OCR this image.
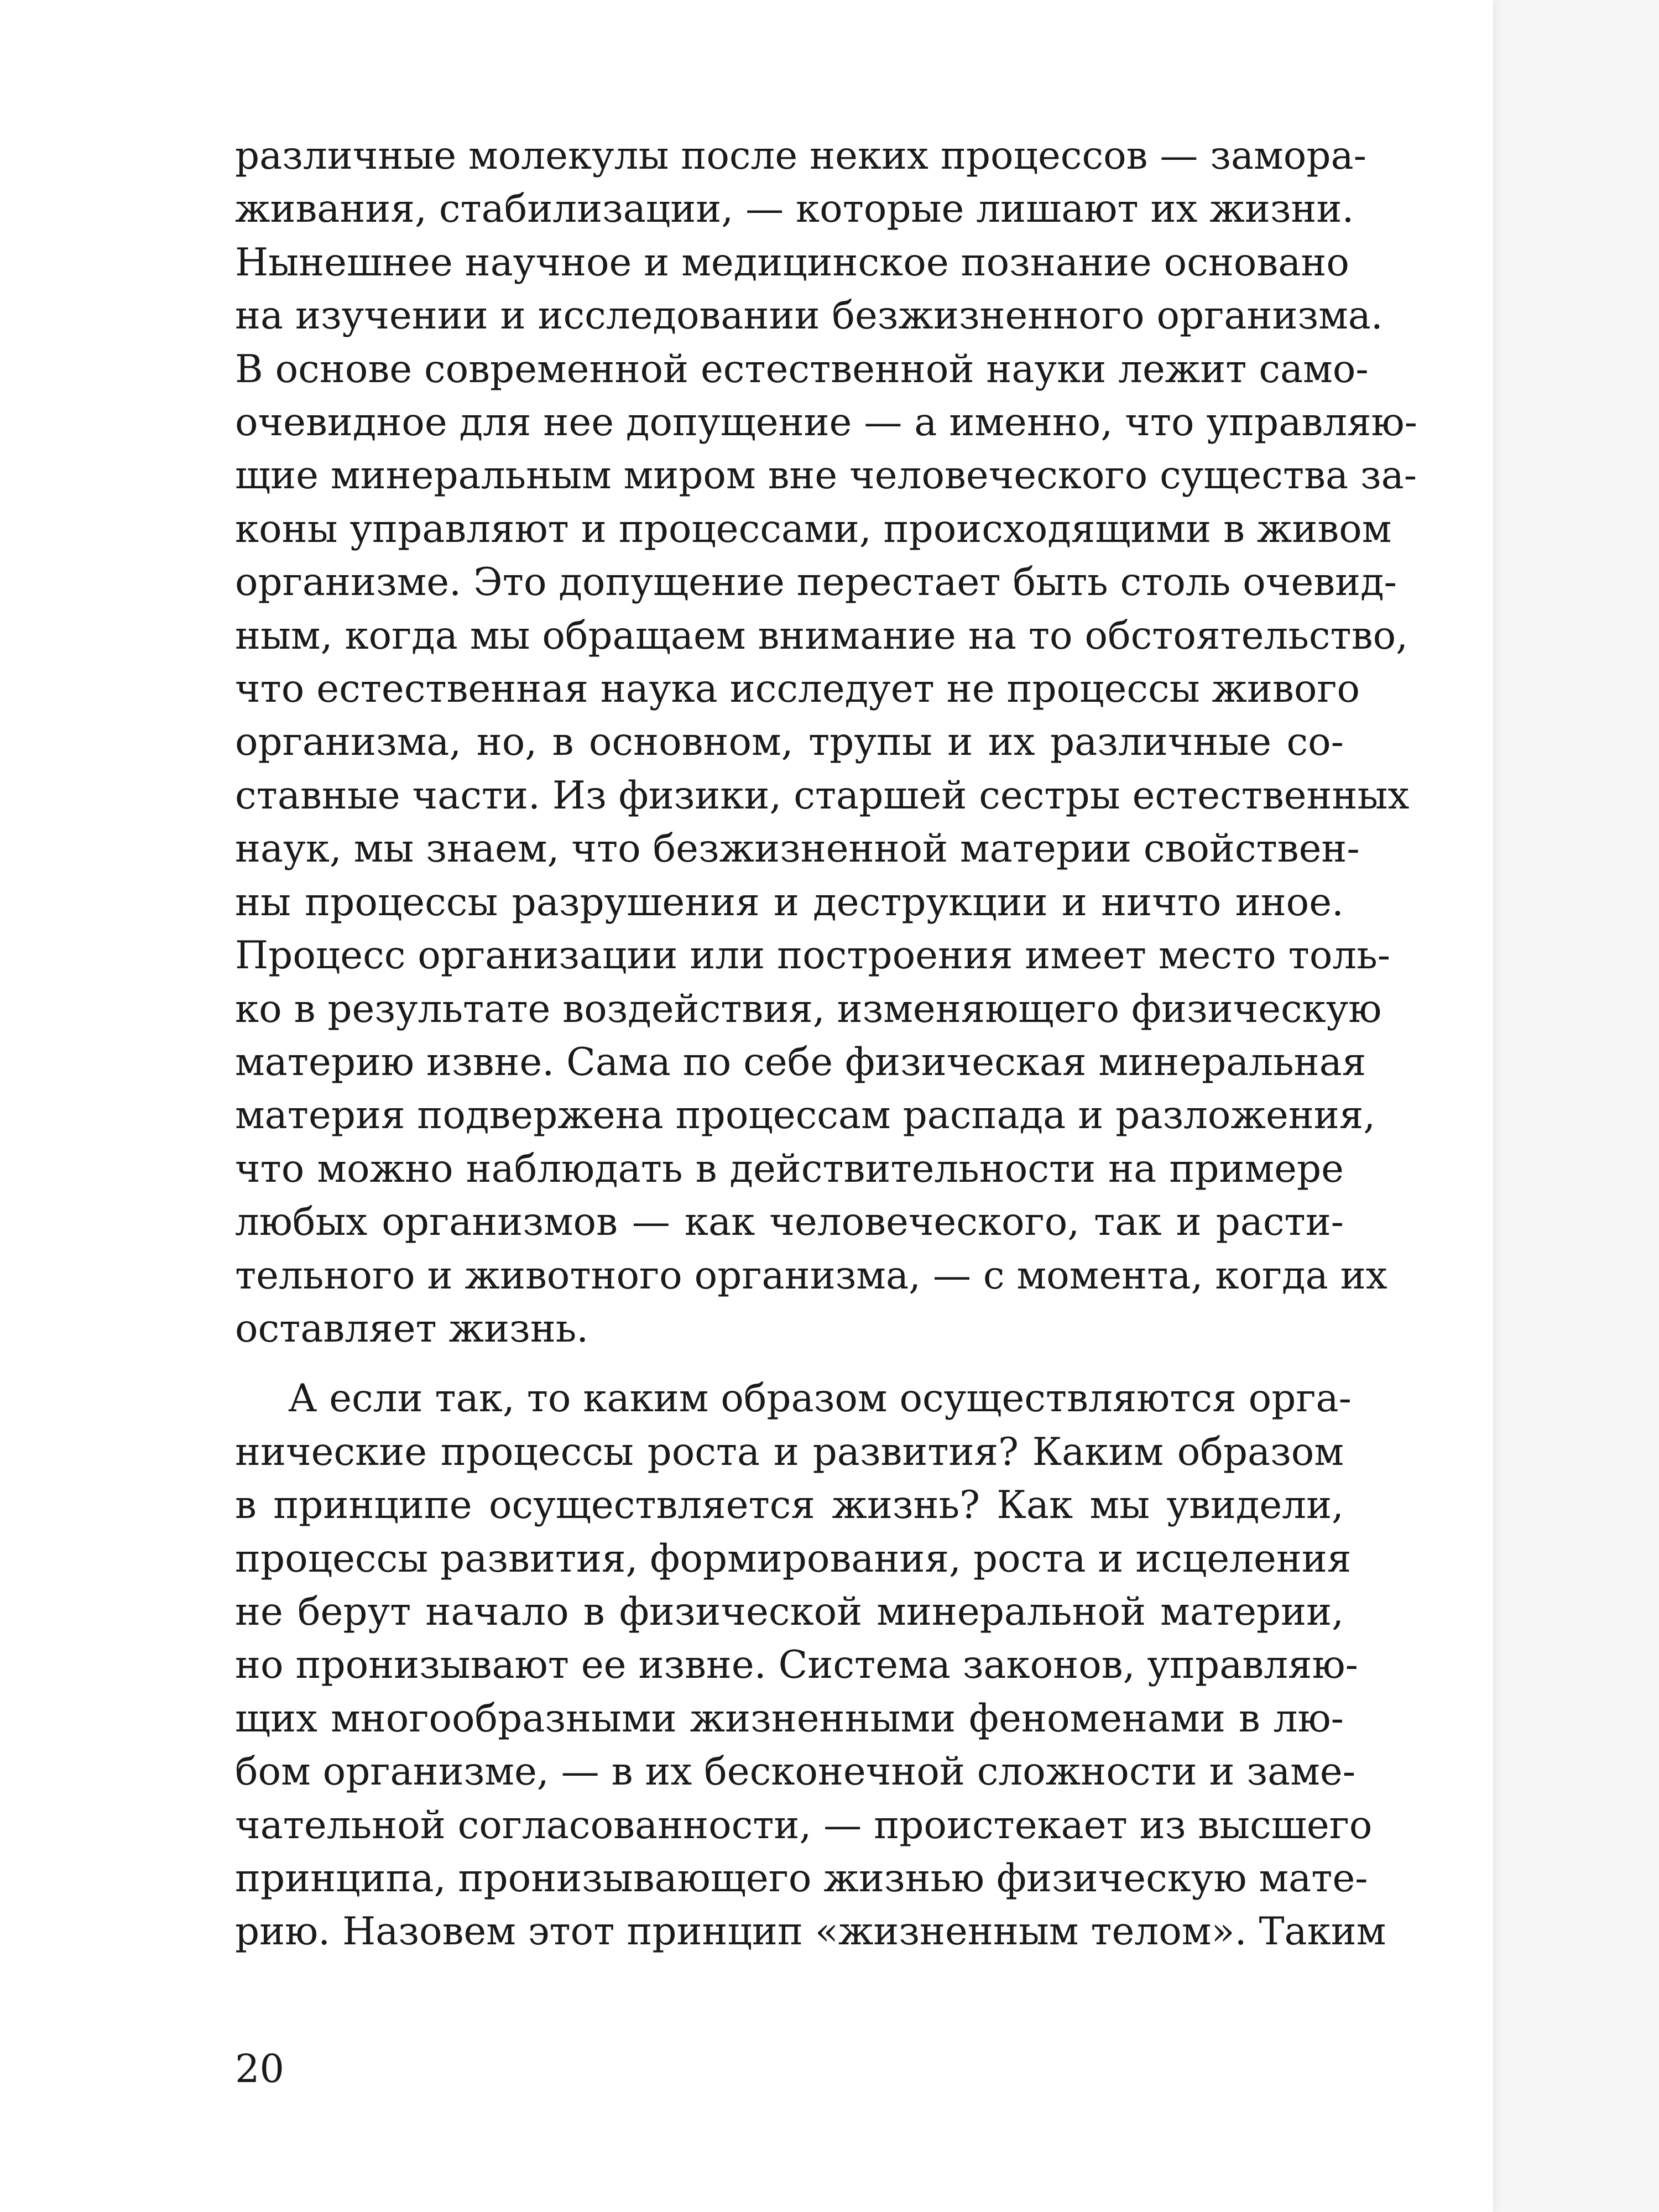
различные молекулы после неких процессов — замора-
живания, стабилизации, — которые лишают их жизни.
Нынешнее научное и медицинское познание основано
на изучении и исследовании безжизненного организма.
В основе современной естественной науки лежит само-
очевидное для нее допущение — а именно, что управляю-
щие минеральным миром вне человеческого существа за-
коны управляют и процессами, происходящими в живом
организме. Это допущение перестает быть столь очевид-
ным, когда мы обращаем внимание на то обстоятельство,
что естественная наука исследует не процессы живого
организма, но, в основном, трупы и их различные со-
ставные части. Из физики, старшей сестры естественных
наук, мы знаем, что безжизненной материи свойствен-
ны процессы разрушения и деструкции и ничто иное.
Процесс организации или построения имеет место толь-
ко в результате воздействия, изменяющего физическую
материю извне. Сама по себе физическая минеральная
материя подвержена процессам распада и разложения,
что можно наблюдать в действительности на примере
любых организмов — как человеческого, так и расти-
тельного и животного организма, — с момента, когда их
оставляет жизнь.
А если так, то каким образом осуществляются орга-
нические процессы роста и развития? Каким образом
в принципе осуществляется жизнь? Как мы увидели,
процессы развития, формирования, роста и исцеления
не берут начало в физической минеральной материи,
но пронизывают ее извне. Система законов, управляю-
щих многообразными жизненными феноменами в лю-
бом организме, — в их бесконечной сложности и заме-
чательной согласованности, — проистекает из высшего
принципа, пронизывающего жизнью физическую мате-
рию. Назовем этот принцип «жизненным телом». Таким
20
